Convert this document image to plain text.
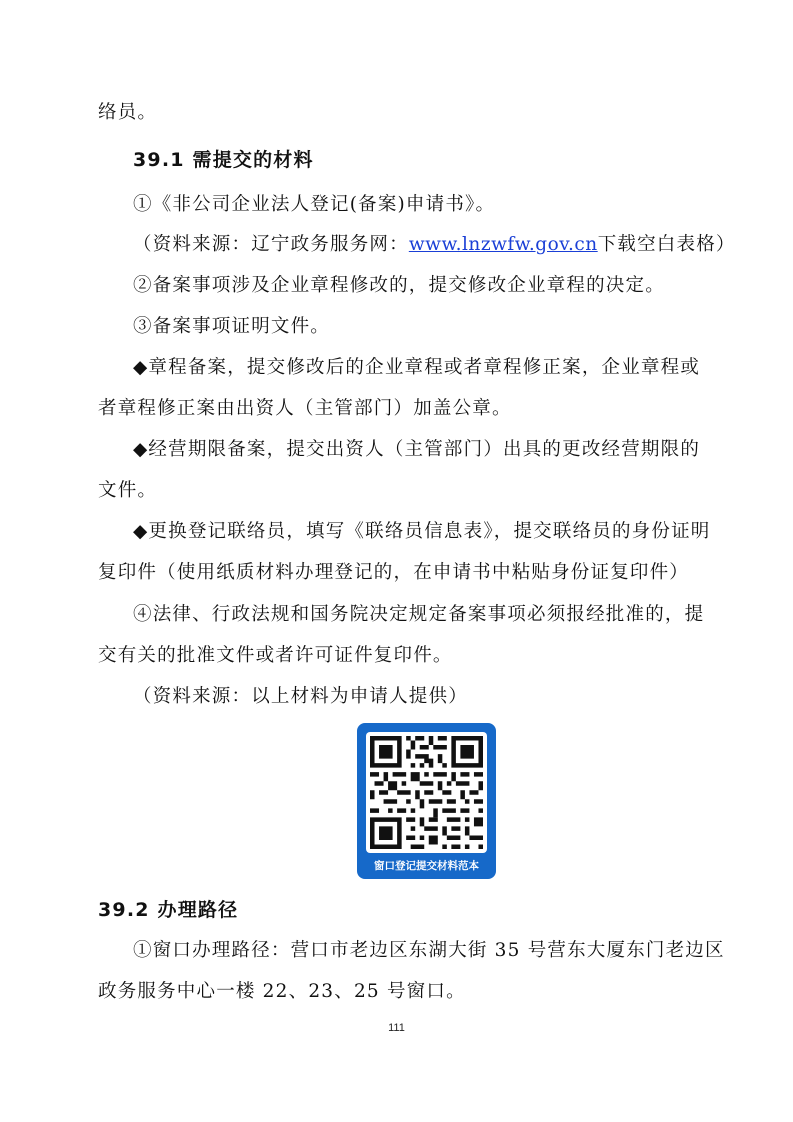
络员。
39.1 需提交的材料
①《非公司企业法人登记(备案)申请书》。
（资料来源：辽宁政务服务网：www.lnzwfw.gov.cn下载空白表格）
②备案事项涉及企业章程修改的，提交修改企业章程的决定。
③备案事项证明文件。
◆章程备案，提交修改后的企业章程或者章程修正案，企业章程或
者章程修正案由出资人（主管部门）加盖公章。
◆经营期限备案，提交出资人（主管部门）出具的更改经营期限的
文件。
◆更换登记联络员，填写《联络员信息表》，提交联络员的身份证明
复印件（使用纸质材料办理登记的，在申请书中粘贴身份证复印件）
④法律、行政法规和国务院决定规定备案事项必须报经批准的，提
交有关的批准文件或者许可证件复印件。
（资料来源：以上材料为申请人提供）
窗口登记提交材料范本
39.2 办理路径
①窗口办理路径：营口市老边区东湖大街 35 号营东大厦东门老边区
政务服务中心一楼 22、23、25 号窗口。
111
